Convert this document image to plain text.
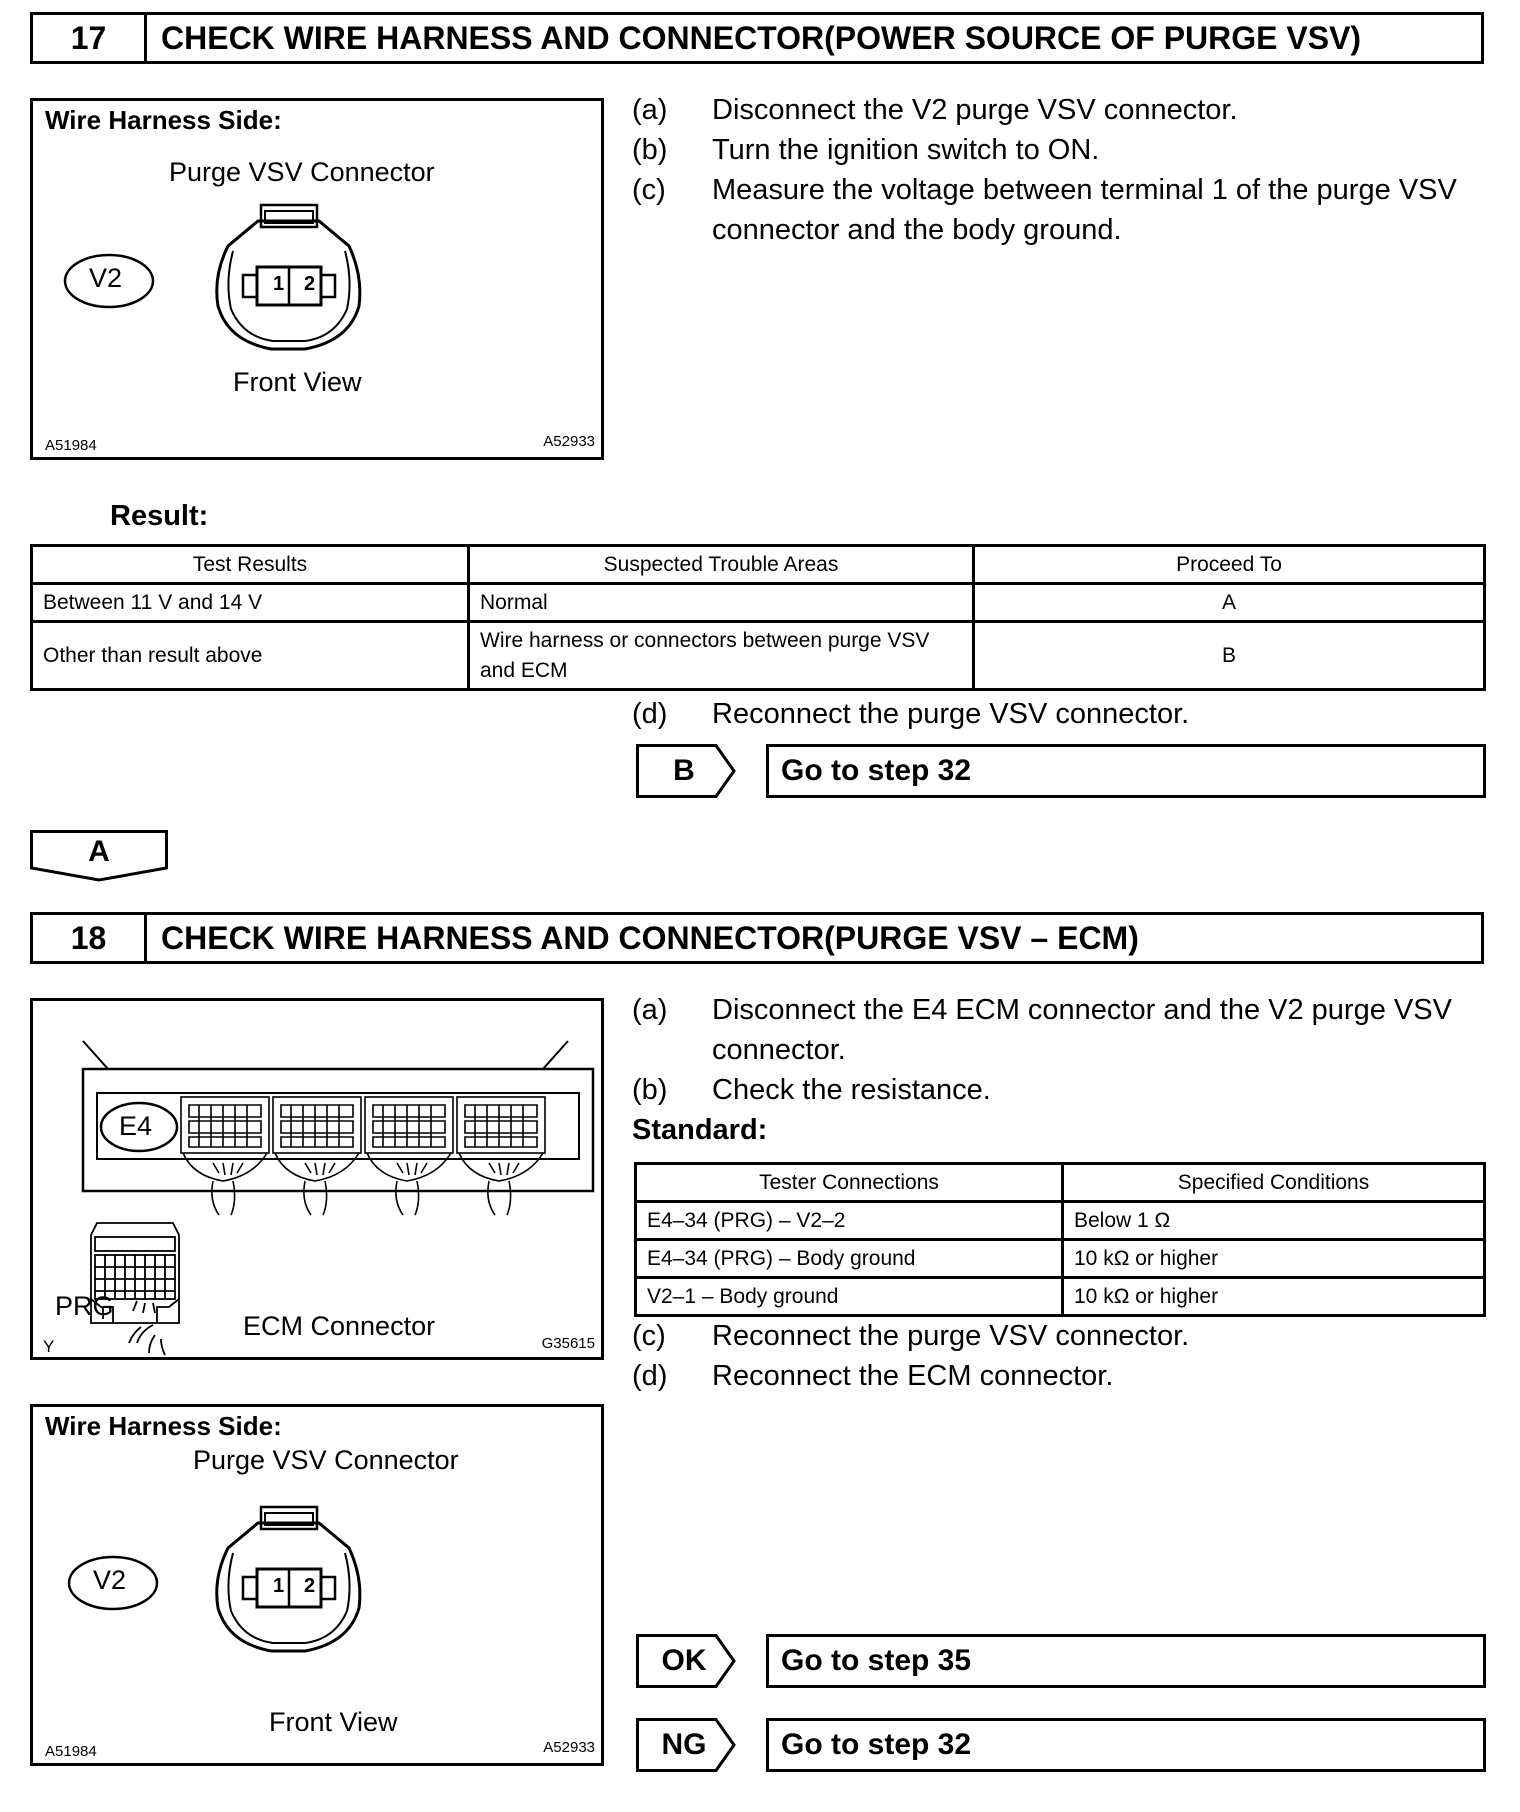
17	CHECK WIRE HARNESS AND CONNECTOR(POWER SOURCE OF PURGE VSV)
Wire Harness Side:
Purge VSV Connector
V2	1 2
Front View
A51984	A52933
(a) Disconnect the V2 purge VSV connector.
(b) Turn the ignition switch to ON.
(c) Measure the voltage between terminal 1 of the purge VSV
connector and the body ground.
Result:
Test Results	Suspected Trouble Areas	Proceed To
Between 11 V and 14 V	Normal	A
Other than result above	Wire harness or connectors between purge VSV
and ECM	B
(d) Reconnect the purge VSV connector.
B	Go to step 32
A
18	CHECK WIRE HARNESS AND CONNECTOR(PURGE VSV – ECM)
E4
PRG
ECM Connector
Y	G35615
Wire Harness Side:
Purge VSV Connector
V2	1 2
Front View
A51984	A52933
(a) Disconnect the E4 ECM connector and the V2 purge VSV
connector.
(b) Check the resistance.
Standard:
Tester Connections	Specified Conditions
E4–34 (PRG) – V2–2	Below 1 Ω
E4–34 (PRG) – Body ground	10 kΩ or higher
V2–1 – Body ground	10 kΩ or higher
(c) Reconnect the purge VSV connector.
(d) Reconnect the ECM connector.
OK	Go to step 35
NG	Go to step 32
